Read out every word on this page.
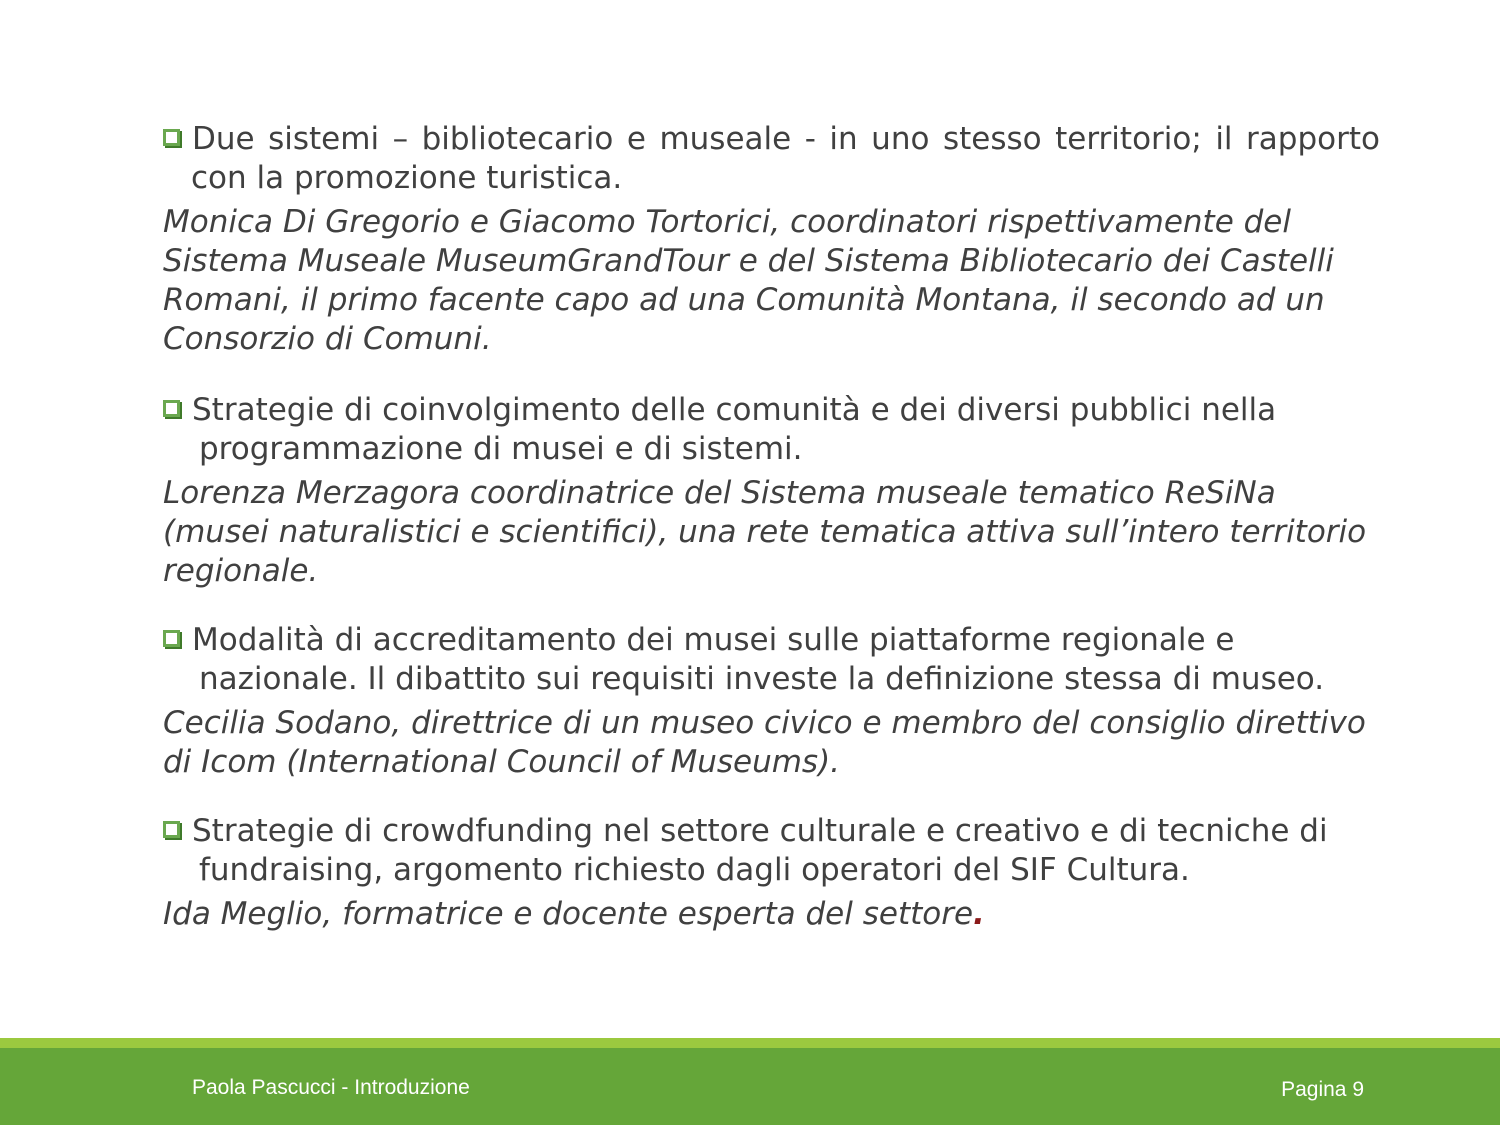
Due sistemi – bibliotecario e museale - in uno stesso territorio; il rapporto con la promozione turistica.
Monica Di Gregorio e Giacomo Tortorici, coordinatori rispettivamente del Sistema Museale MuseumGrandTour e del Sistema Bibliotecario dei Castelli Romani, il primo facente capo ad una Comunità Montana, il secondo ad un Consorzio di Comuni.
Strategie di coinvolgimento delle comunità e dei diversi pubblici nella programmazione di musei e di sistemi.
Lorenza Merzagora coordinatrice del Sistema museale tematico ReSiNa (musei naturalistici e scientifici), una rete tematica attiva sull’intero territorio regionale.
Modalità di accreditamento dei musei sulle piattaforme regionale e nazionale. Il dibattito sui requisiti investe la definizione stessa di museo.
Cecilia Sodano, direttrice di un museo civico e membro del consiglio direttivo di Icom (International Council of Museums).
Strategie di crowdfunding nel settore culturale e creativo e di tecniche di fundraising, argomento richiesto dagli operatori del SIF Cultura.
Ida Meglio, formatrice e docente esperta del settore.
Paola Pascucci - Introduzione	Pagina 9
